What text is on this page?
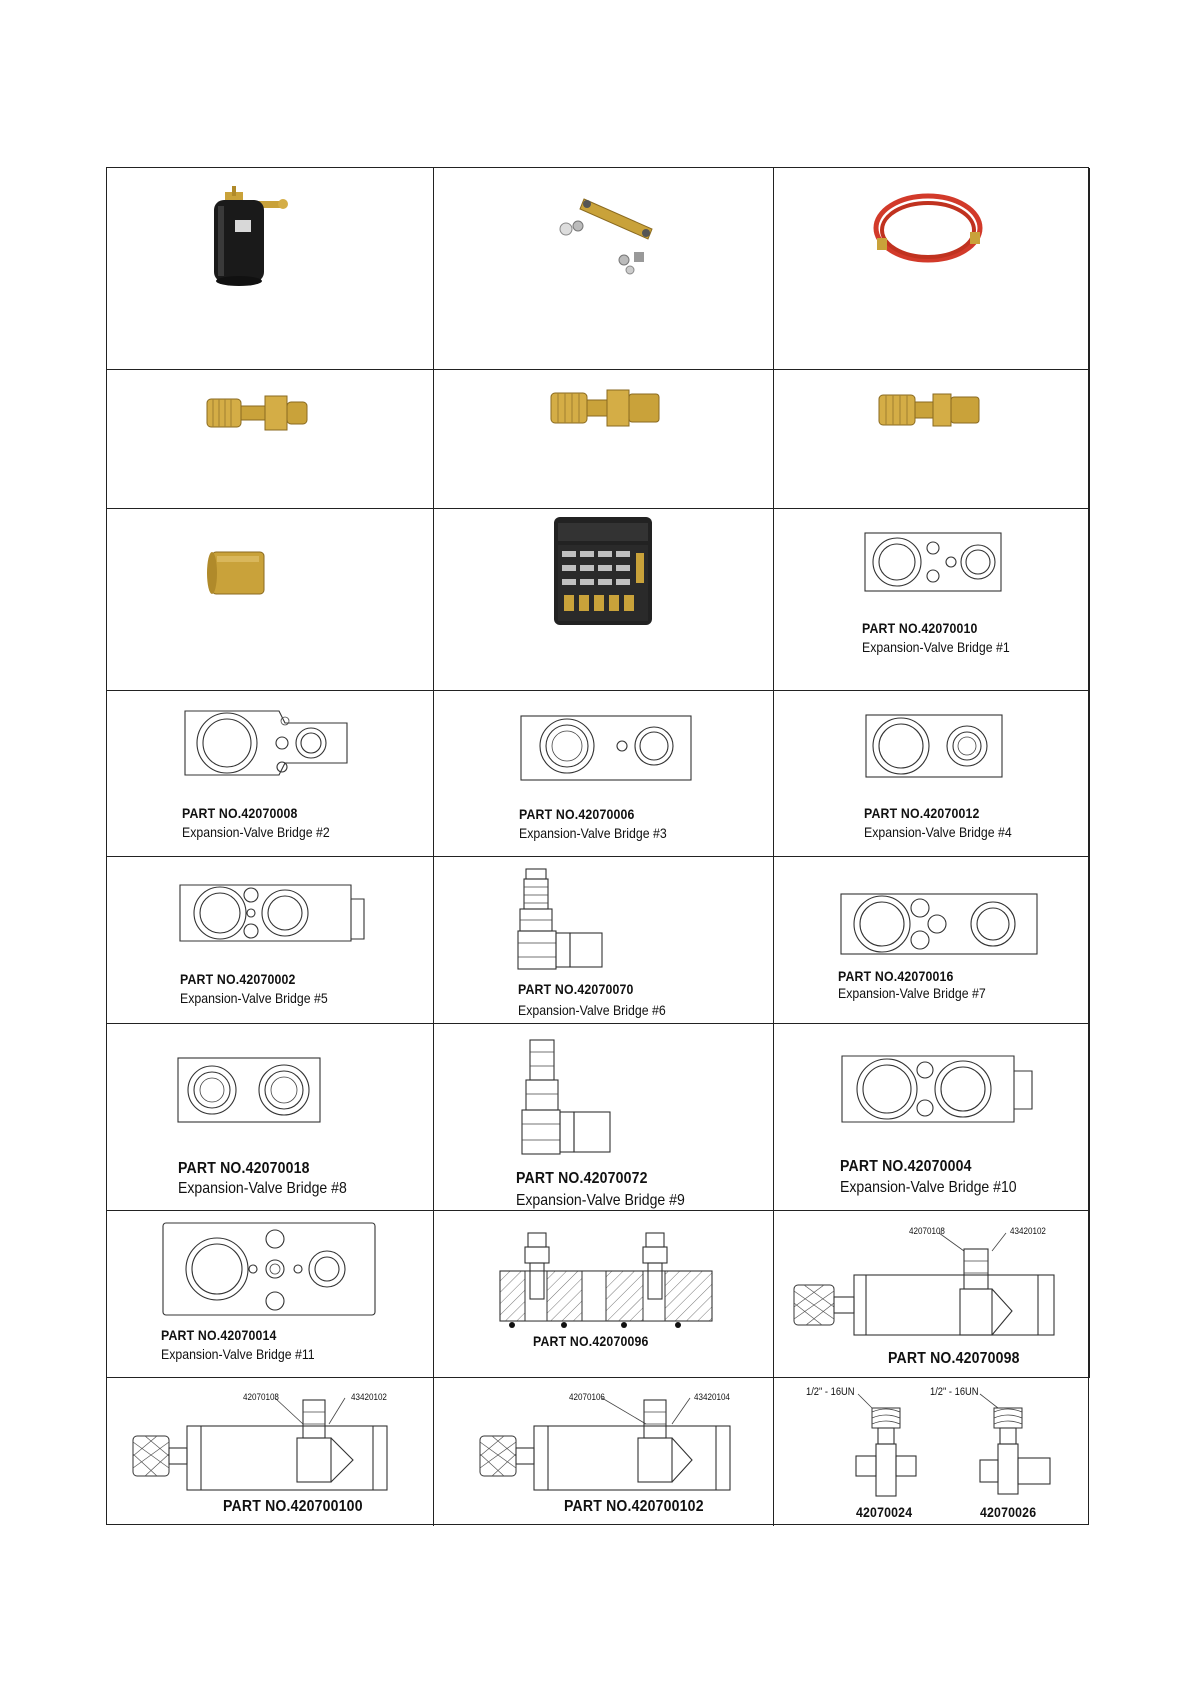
PART NO.42070010
Expansion-Valve Bridge #1
PART NO.42070008
Expansion-Valve Bridge #2
PART NO.42070006
Expansion-Valve Bridge #3
PART NO.42070012
Expansion-Valve Bridge #4
PART NO.42070002
Expansion-Valve Bridge #5
PART NO.42070070
Expansion-Valve Bridge #6
PART NO.42070016
Expansion-Valve Bridge #7
PART NO.42070018
Expansion-Valve Bridge #8
PART NO.42070072
Expansion-Valve Bridge #9
PART NO.42070004
Expansion-Valve Bridge #10
PART NO.42070014
Expansion-Valve Bridge #11
PART NO.42070096
42070108	43420102
PART NO.42070098
42070108	43420102
PART NO.420700100
42070106	43420104
PART NO.420700102
1/2" - 16UN	1/2" - 16UN
42070024	42070026
